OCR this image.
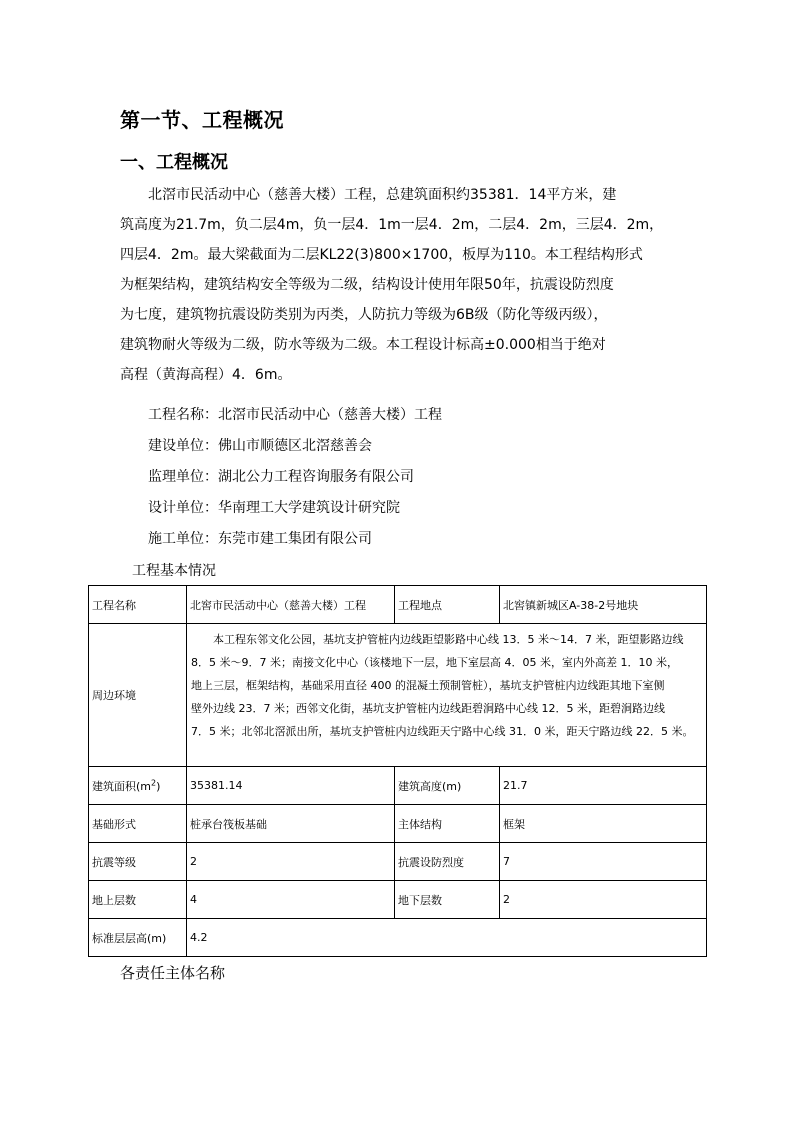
第一节、工程概况
一、工程概况
北滘市民活动中心（慈善大楼）工程，总建筑面积约35381．14平方米，建
筑高度为21.7m，负二层4m，负一层4．1m一层4．2m，二层4．2m，三层4．2m，
四层4．2m。最大梁截面为二层KL22(3)800×1700，板厚为110。本工程结构形式
为框架结构，建筑结构安全等级为二级，结构设计使用年限50年，抗震设防烈度
为七度，建筑物抗震设防类别为丙类，人防抗力等级为6B级（防化等级丙级），
建筑物耐火等级为二级，防水等级为二级。本工程设计标高±0.000相当于绝对
高程（黄海高程）4．6m。
工程名称：北滘市民活动中心（慈善大楼）工程
建设单位：佛山市顺德区北滘慈善会
监理单位：湖北公力工程咨询服务有限公司
设计单位：华南理工大学建筑设计研究院
施工单位：东莞市建工集团有限公司
工程基本情况
工程名称	北窖市民活动中心（慈善大楼）工程	工程地点	北窖镇新城区A-38-2号地块
周边环境	本工程东邻文化公园，基坑支护管桩内边线距望影路中心线 13．5 米～14．7 米，距望影路边线
8．5 米～9．7 米；南接文化中心（该楼地下一层，地下室层高 4．05 米，室内外高差 1．10 米，
地上三层，框架结构，基础采用直径 400 的混凝土预制管桩），基坑支护管桩内边线距其地下室侧
壁外边线 23．7 米；西邻文化街，基坑支护管桩内边线距碧涧路中心线 12．5 米，距碧涧路边线
7．5 米；北邻北滘派出所，基坑支护管桩内边线距天宁路中心线 31．0 米，距天宁路边线 22．5 米。		

建筑面积$(m^2)$	35381.14	建筑高度(m)	21.7
基础形式	桩承台筏板基础	主体结构	框架
抗震等级	2	抗震设防烈度	7
地上层数	4	地下层数	2
标准层层高(m)	4.2		
各责任主体名称
